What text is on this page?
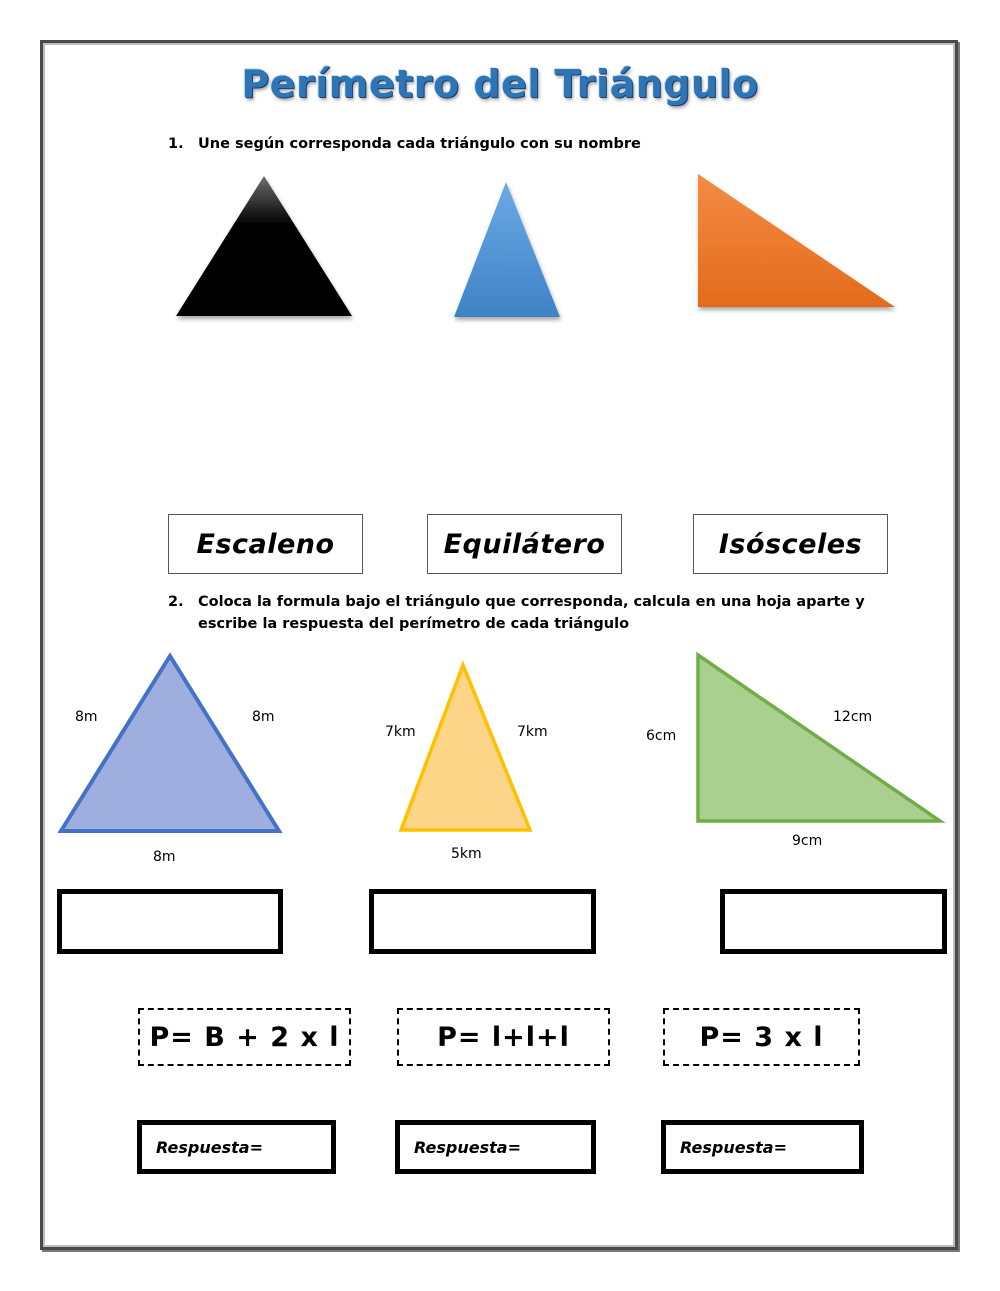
Perímetro del Triángulo
1. Une según corresponda cada triángulo con su nombre
Escaleno	Equilátero	Isósceles
2. Coloca la formula bajo el triángulo que corresponda, calcula en una hoja aparte y escribe la respuesta del perímetro de cada triángulo
8m	8m
8m
7km	7km
5km
6cm
12cm
9cm
P= B + 2 x l	P= l+l+l	P= 3 x l
Respuesta=	Respuesta=	Respuesta=
